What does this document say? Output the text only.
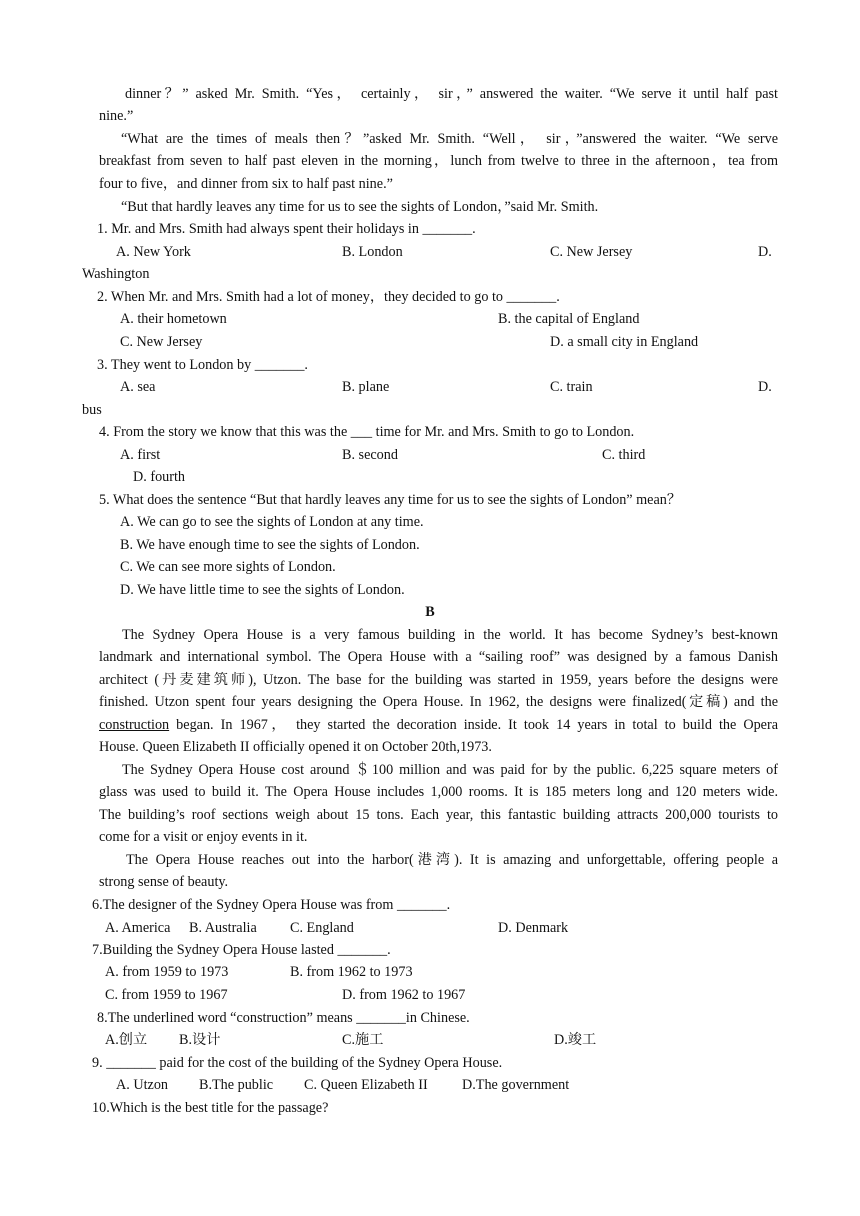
dinner？” asked Mr. Smith. “Yes， certainly， sir，” answered the waiter. “We serve it until half past
nine.”
“What are the times of meals then？”asked Mr. Smith. “Well， sir，”answered the waiter. “We serve
breakfast from seven to half past eleven in the morning，lunch from twelve to three in the afternoon，tea from
four to five，and dinner from six to half past nine.”
“But that hardly leaves any time for us to see the sights of London，”said Mr. Smith.
1. Mr. and Mrs. Smith had always spent their holidays in _______.
A. New York	B. London	C. New Jersey	D.
Washington
2. When Mr. and Mrs. Smith had a lot of money，they decided to go to _______.
A. their hometown	B. the capital of England
C. New Jersey	D. a small city in England
3. They went to London by _______.
A. sea	B. plane	C. train	D.
bus
4. From the story we know that this was the ___ time for Mr. and Mrs. Smith to go to London.
A. first	B. second	C. third
D. fourth
5. What does the sentence “But that hardly leaves any time for us to see the sights of London” mean？
A. We can go to see the sights of London at any time.
B. We have enough time to see the sights of London.
C. We can see more sights of London.
D. We have little time to see the sights of London.
B
The Sydney Opera House is a very famous building in the world. It has become Sydney’s best-known
landmark and international symbol. The Opera House with a “sailing roof” was designed by a famous Danish
architect (丹麦建筑师), Utzon. The base for the building was started in 1959, years before the designs were
finished. Utzon spent four years designing the Opera House. In 1962, the designs were finalized(定稿) and the
construction began. In 1967， they started the decoration inside. It took 14 years in total to build the Opera
House. Queen Elizabeth II officially opened it on October 20th,1973.
The Sydney Opera House cost around ＄100 million and was paid for by the public. 6,225 square meters of
glass was used to build it. The Opera House includes 1,000 rooms. It is 185 meters long and 120 meters wide.
The building’s roof sections weigh about 15 tons. Each year, this fantastic building attracts 200,000 tourists to
come for a visit or enjoy events in it.
The Opera House reaches out into the harbor(港湾). It is amazing and unforgettable, offering people a
strong sense of beauty.
6.The designer of the Sydney Opera House was from _______.
A. America B. Australia C. England	D. Denmark
7.Building the Sydney Opera House lasted _______.
A. from 1959 to 1973	B. from 1962 to 1973
C. from 1959 to 1967	D. from 1962 to 1967
8.The underlined word “construction” means _______in Chinese.
A.创立 B.设计	C.施工	D.竣工
9. _______ paid for the cost of the building of the Sydney Opera House.
A. Utzon B.The public C. Queen Elizabeth II D.The government
10.Which is the best title for the passage?
